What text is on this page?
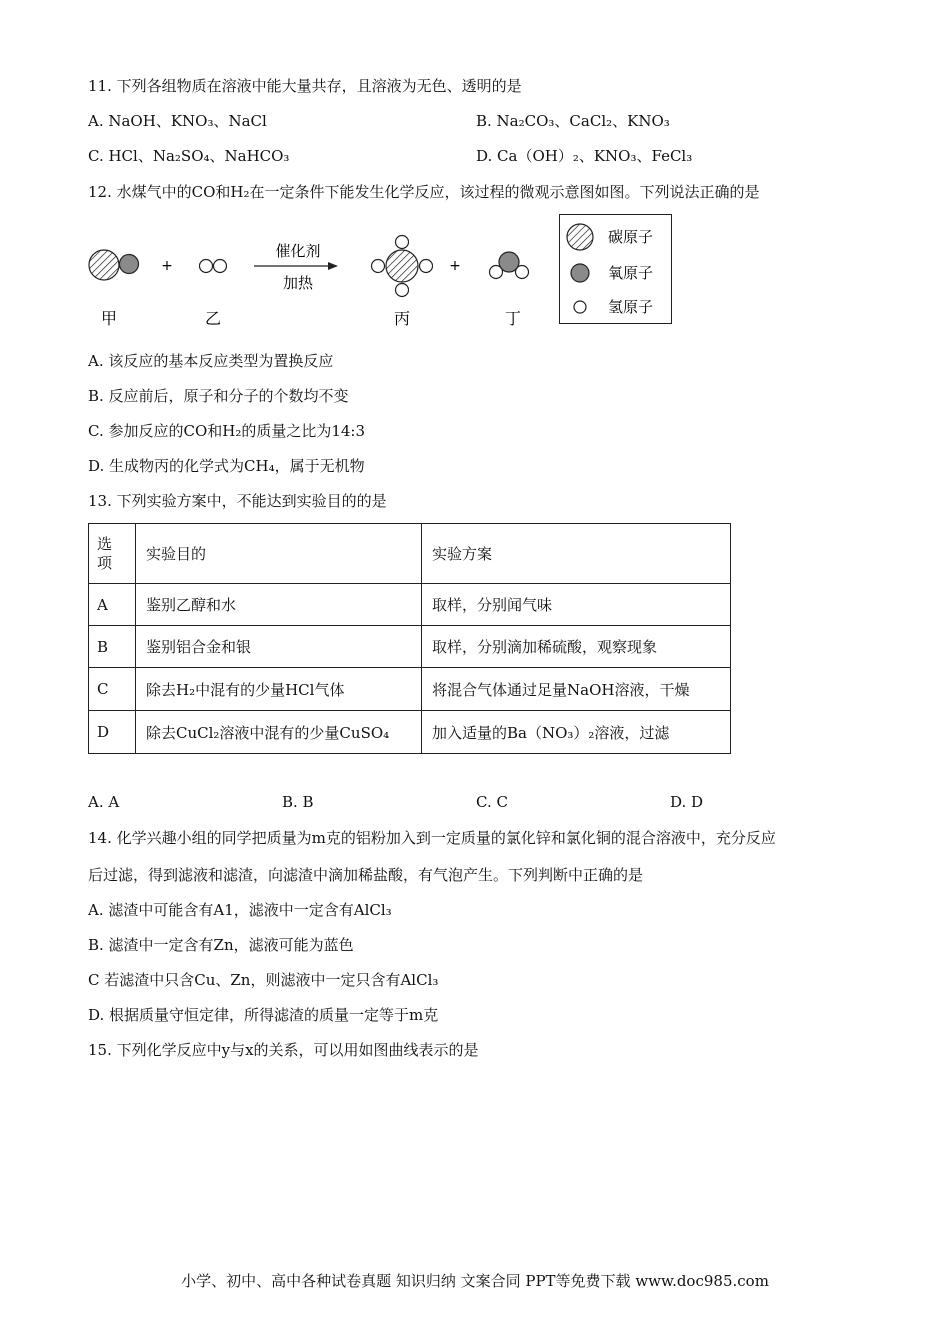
11. 下列各组物质在溶液中能大量共存，且溶液为无色、透明的是
A. NaOH、KNO₃、NaCl	B. Na₂CO₃、CaCl₂、KNO₃
C. HCl、Na₂SO₄、NaHCO₃	D. Ca（OH）₂、KNO₃、FeCl₃
12. 水煤气中的CO和H₂在一定条件下能发生化学反应，该过程的微观示意图如图。下列说法正确的是
+
催化剂
加热
+
甲	乙	丙	丁
碳原子
氧原子
氢原子
A. 该反应的基本反应类型为置换反应
B. 反应前后，原子和分子的个数均不变
C. 参加反应的CO和H₂的质量之比为14:3
D. 生成物丙的化学式为CH₄，属于无机物
13. 下列实验方案中，不能达到实验目的的是
选项	实验目的	实验方案
A	鉴别乙醇和水	取样，分别闻气味
B	鉴别铝合金和银	取样，分别滴加稀硫酸，观察现象
C	除去H₂中混有的少量HCl气体	将混合气体通过足量NaOH溶液，干燥
D	除去CuCl₂溶液中混有的少量CuSO₄	加入适量的Ba（NO₃）₂溶液，过滤
A. A	B. B	C. C	D. D
14. 化学兴趣小组的同学把质量为m克的铝粉加入到一定质量的氯化锌和氯化铜的混合溶液中，充分反应
后过滤，得到滤液和滤渣，向滤渣中滴加稀盐酸，有气泡产生。下列判断中正确的是
A. 滤渣中可能含有A1，滤液中一定含有AlCl₃
B. 滤渣中一定含有Zn，滤液可能为蓝色
C 若滤渣中只含Cu、Zn，则滤液中一定只含有AlCl₃
D. 根据质量守恒定律，所得滤渣的质量一定等于m克
15. 下列化学反应中y与x的关系，可以用如图曲线表示的是
小学、初中、高中各种试卷真题 知识归纳 文案合同 PPT等免费下载 www.doc985.com
